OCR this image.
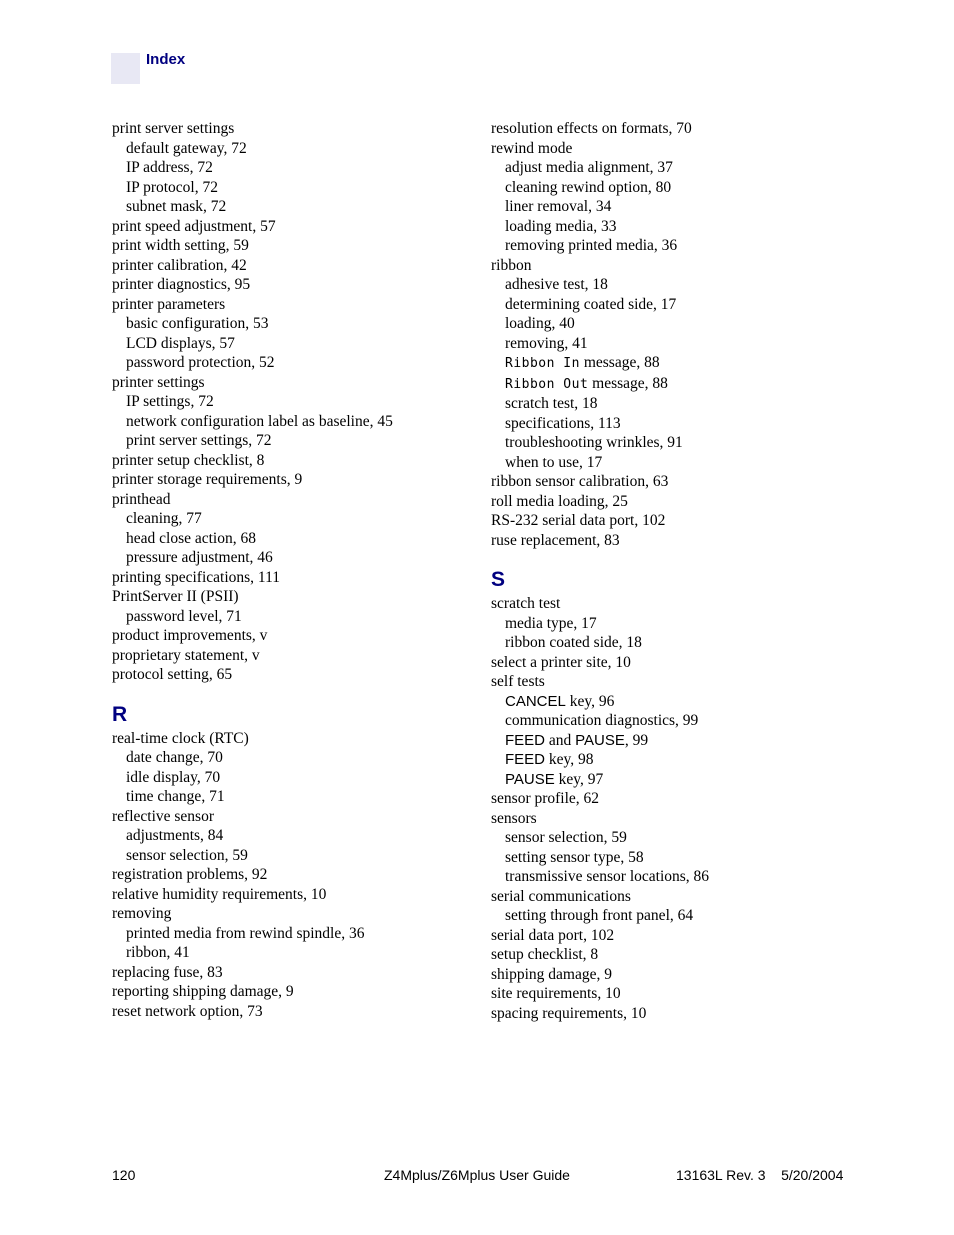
Index
print server settings
default gateway, 72
IP address, 72
IP protocol, 72
subnet mask, 72
print speed adjustment, 57
print width setting, 59
printer calibration, 42
printer diagnostics, 95
printer parameters
basic configuration, 53
LCD displays, 57
password protection, 52
printer settings
IP settings, 72
network configuration label as baseline, 45
print server settings, 72
printer setup checklist, 8
printer storage requirements, 9
printhead
cleaning, 77
head close action, 68
pressure adjustment, 46
printing specifications, 111
PrintServer II (PSII)
password level, 71
product improvements, v
proprietary statement, v
protocol setting, 65
R
real-time clock (RTC)
date change, 70
idle display, 70
time change, 71
reflective sensor
adjustments, 84
sensor selection, 59
registration problems, 92
relative humidity requirements, 10
removing
printed media from rewind spindle, 36
ribbon, 41
replacing fuse, 83
reporting shipping damage, 9
reset network option, 73
resolution effects on formats, 70
rewind mode
adjust media alignment, 37
cleaning rewind option, 80
liner removal, 34
loading media, 33
removing printed media, 36
ribbon
adhesive test, 18
determining coated side, 17
loading, 40
removing, 41
Ribbon In message, 88
Ribbon Out message, 88
scratch test, 18
specifications, 113
troubleshooting wrinkles, 91
when to use, 17
ribbon sensor calibration, 63
roll media loading, 25
RS-232 serial data port, 102
ruse replacement, 83
S
scratch test
media type, 17
ribbon coated side, 18
select a printer site, 10
self tests
CANCEL key, 96
communication diagnostics, 99
FEED and PAUSE, 99
FEED key, 98
PAUSE key, 97
sensor profile, 62
sensors
sensor selection, 59
setting sensor type, 58
transmissive sensor locations, 86
serial communications
setting through front panel, 64
serial data port, 102
setup checklist, 8
shipping damage, 9
site requirements, 10
spacing requirements, 10
120	Z4Mplus/Z6Mplus User Guide	13163L Rev. 3    5/20/2004
